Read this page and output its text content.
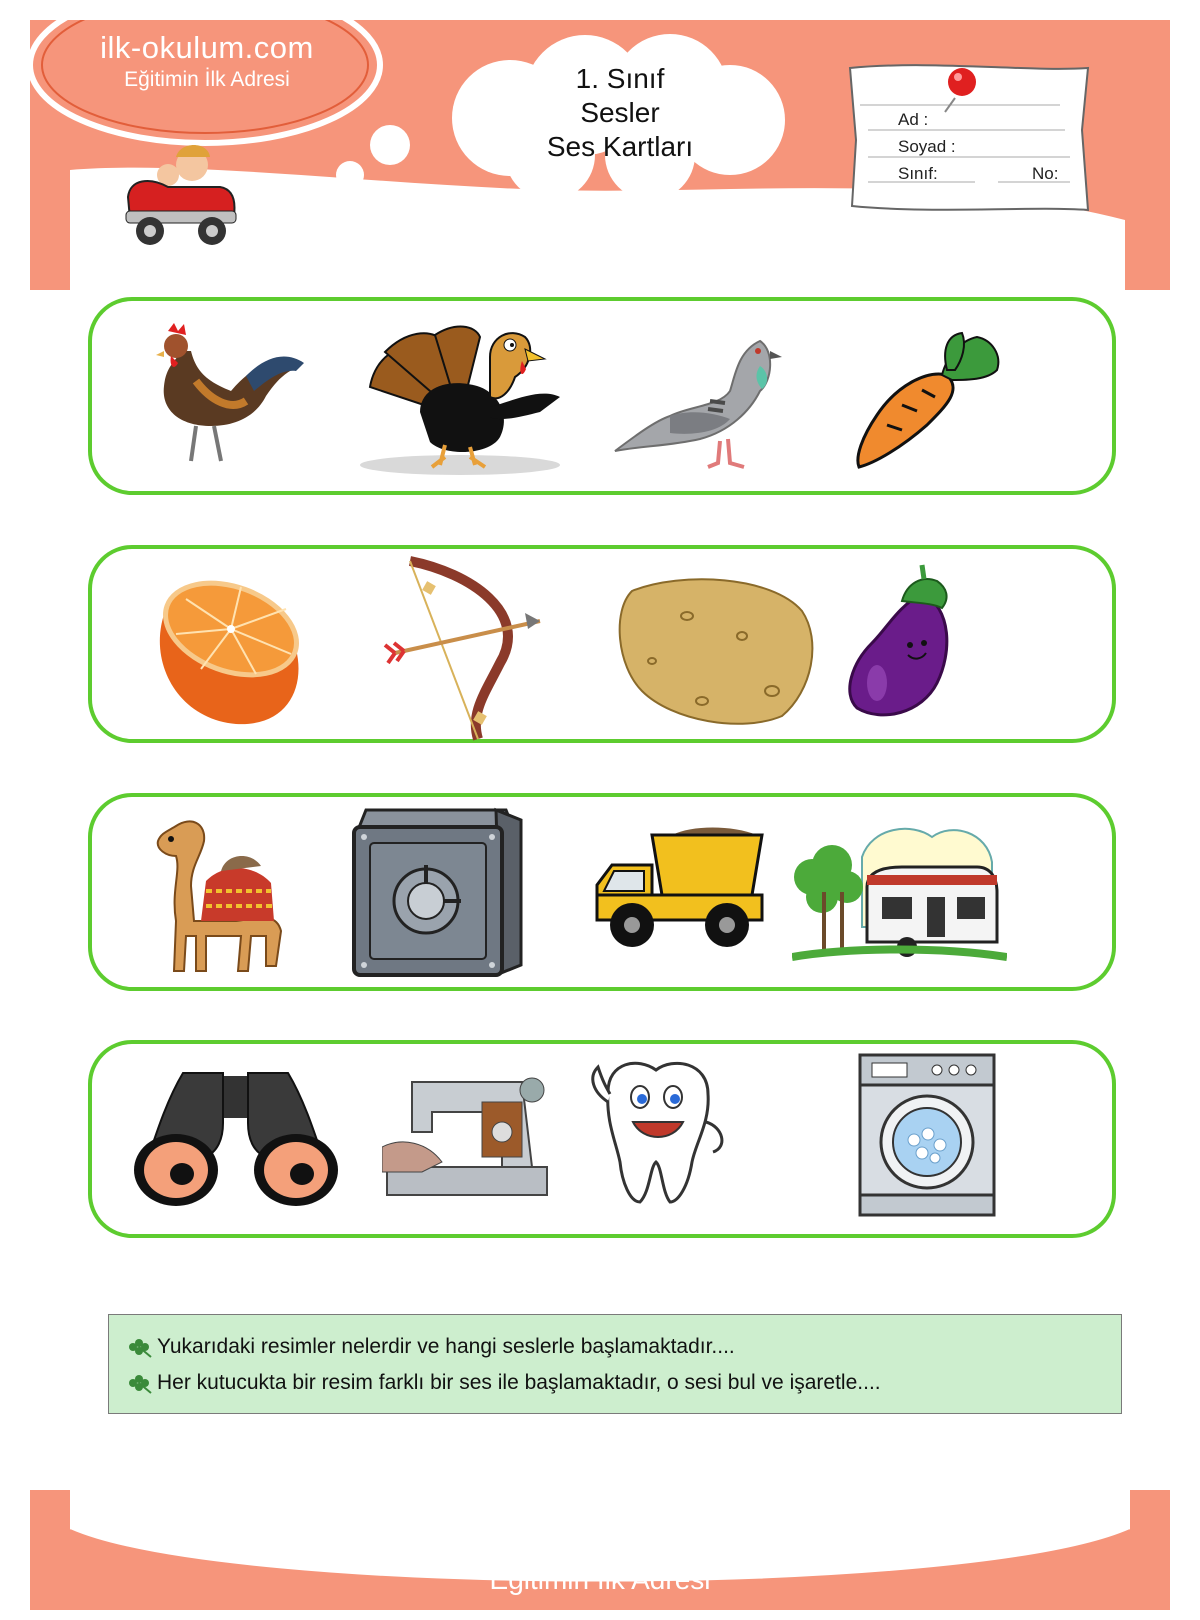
ilk-okulum.com
Eğitimin İlk Adresi	1. Sınıf
Sesler
Ses Kartları
Ad :
Soyad :
Sınıf:	No:
Yukarıdaki resimler nelerdir ve hangi seslerle başlamaktadır....
Her kutucukta bir resim farklı bir ses ile başlamaktadır, o sesi bul ve işaretle....
ilk-okulum.com
Eğitimin İlk Adresi
